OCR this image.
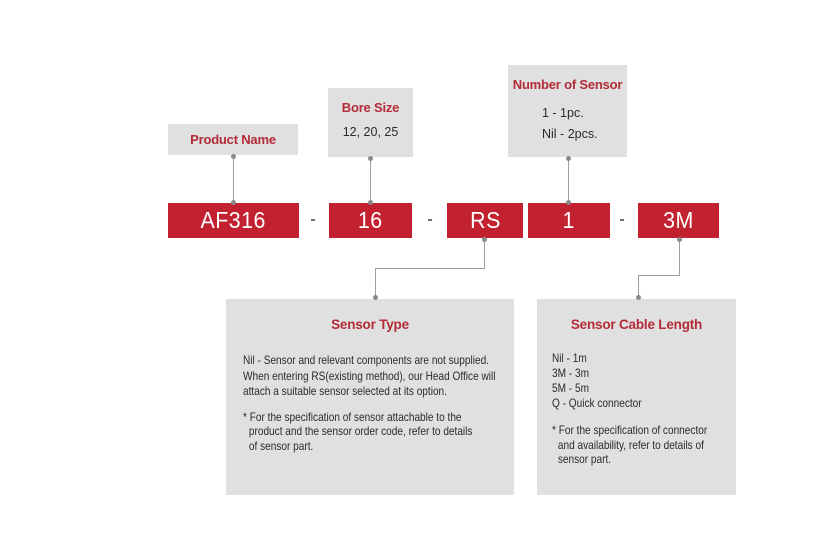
Product Name
Bore Size
12, 20, 25
Number of Sensor
1 - 1pc.
Nil - 2pcs.
AF316	-	16	-	RS	1	-	3M
Sensor Type
Nil - Sensor and relevant components are not supplied.
When entering RS(existing method), our Head Office will
attach a suitable sensor selected at its option.
* For the specification of sensor attachable to the
product and the sensor order code, refer to details
of sensor part.
Sensor Cable Length
Nil - 1m
3M - 3m
5M - 5m
Q - Quick connector
* For the specification of connector
and availability, refer to details of
sensor part.
